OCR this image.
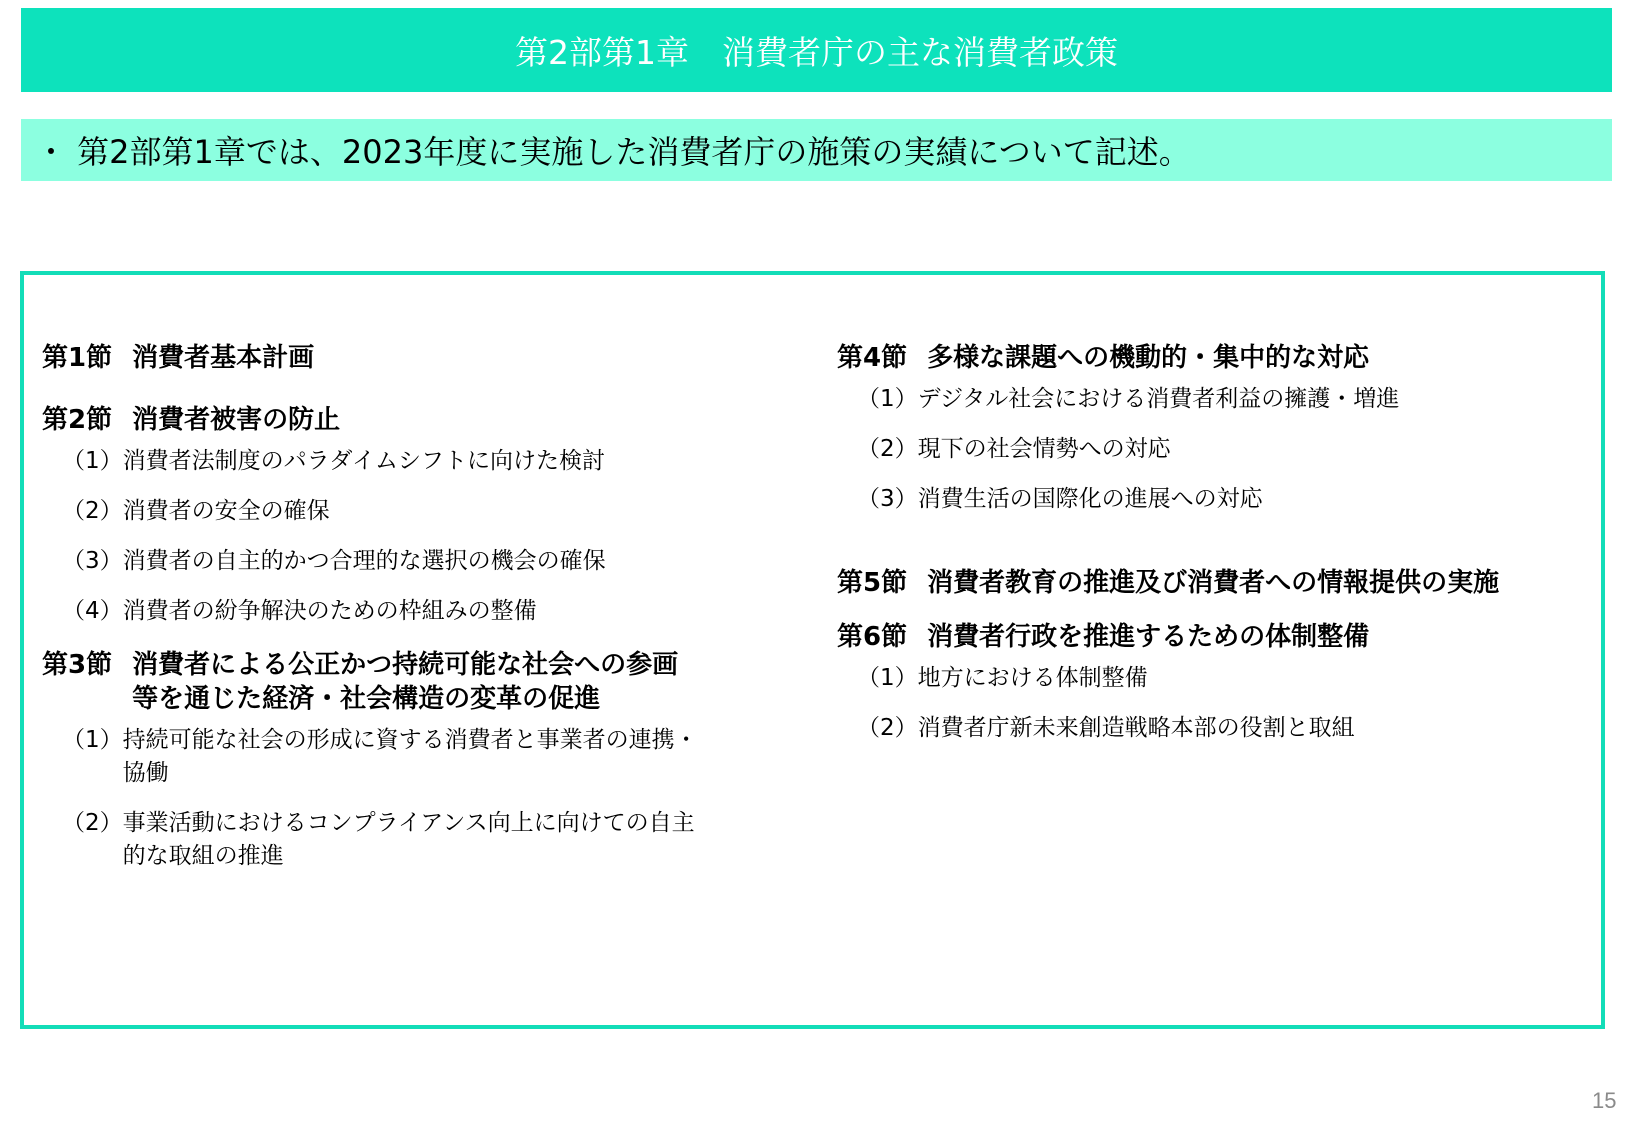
第2部第1章　消費者庁の主な消費者政策
・ 第2部第1章では、2023年度に実施した消費者庁の施策の実績について記述。
第1節 消費者基本計画
第2節 消費者被害の防止
（1） 消費者法制度のパラダイムシフトに向けた検討
（2） 消費者の安全の確保
（3） 消費者の自主的かつ合理的な選択の機会の確保
（4） 消費者の紛争解決のための枠組みの整備
第3節 消費者による公正かつ持続可能な社会への参画等を通じた経済・社会構造の変革の促進
（1） 持続可能な社会の形成に資する消費者と事業者の連携・協働
（2） 事業活動におけるコンプライアンス向上に向けての自主的な取組の推進
第4節 多様な課題への機動的・集中的な対応
（1） デジタル社会における消費者利益の擁護・増進
（2） 現下の社会情勢への対応
（3） 消費生活の国際化の進展への対応
第5節 消費者教育の推進及び消費者への情報提供の実施
第6節 消費者行政を推進するための体制整備
（1） 地方における体制整備
（2） 消費者庁新未来創造戦略本部の役割と取組
15
